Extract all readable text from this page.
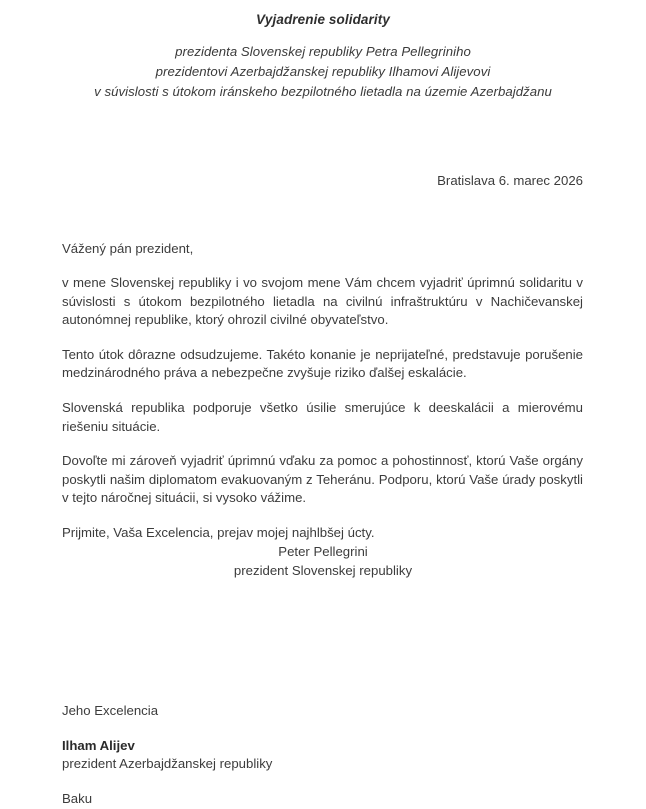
Vyjadrenie solidarity
prezidenta Slovenskej republiky Petra Pellegriniho
prezidentovi Azerbajdžanskej republiky Ilhamovi Alijevovi
v súvislosti s útokom iránskeho bezpilotného lietadla na územie Azerbajdžanu
Bratislava 6. marec 2026

Vážený pán prezident,

v mene Slovenskej republiky i vo svojom mene Vám chcem vyjadriť úprimnú solidaritu v súvislosti s útokom bezpilotného lietadla na civilnú infraštruktúru v Nachičevanskej autonómnej republike, ktorý ohrozil civilné obyvateľstvo.

Tento útok dôrazne odsudzujeme. Takéto konanie je neprijateľné, predstavuje porušenie medzinárodného práva a nebezpečne zvyšuje riziko ďalšej eskalácie.

Slovenská republika podporuje všetko úsilie smerujúce k deeskalácii a mierovému riešeniu situácie.

Dovoľte mi zároveň vyjadriť úprimnú vďaku za pomoc a pohostinnosť, ktorú Vaše orgány poskytli našim diplomatom evakuovaným z Teheránu. Podporu, ktorú Vaše úrady poskytli v tejto náročnej situácii, si vysoko vážime.

Prijmite, Vaša Excelencia, prejav mojej najhlbšej úcty.

Peter Pellegrini
prezident Slovenskej republiky
Jeho Excelencia
Ilham Alijev
prezident Azerbajdžanskej republiky
Baku
